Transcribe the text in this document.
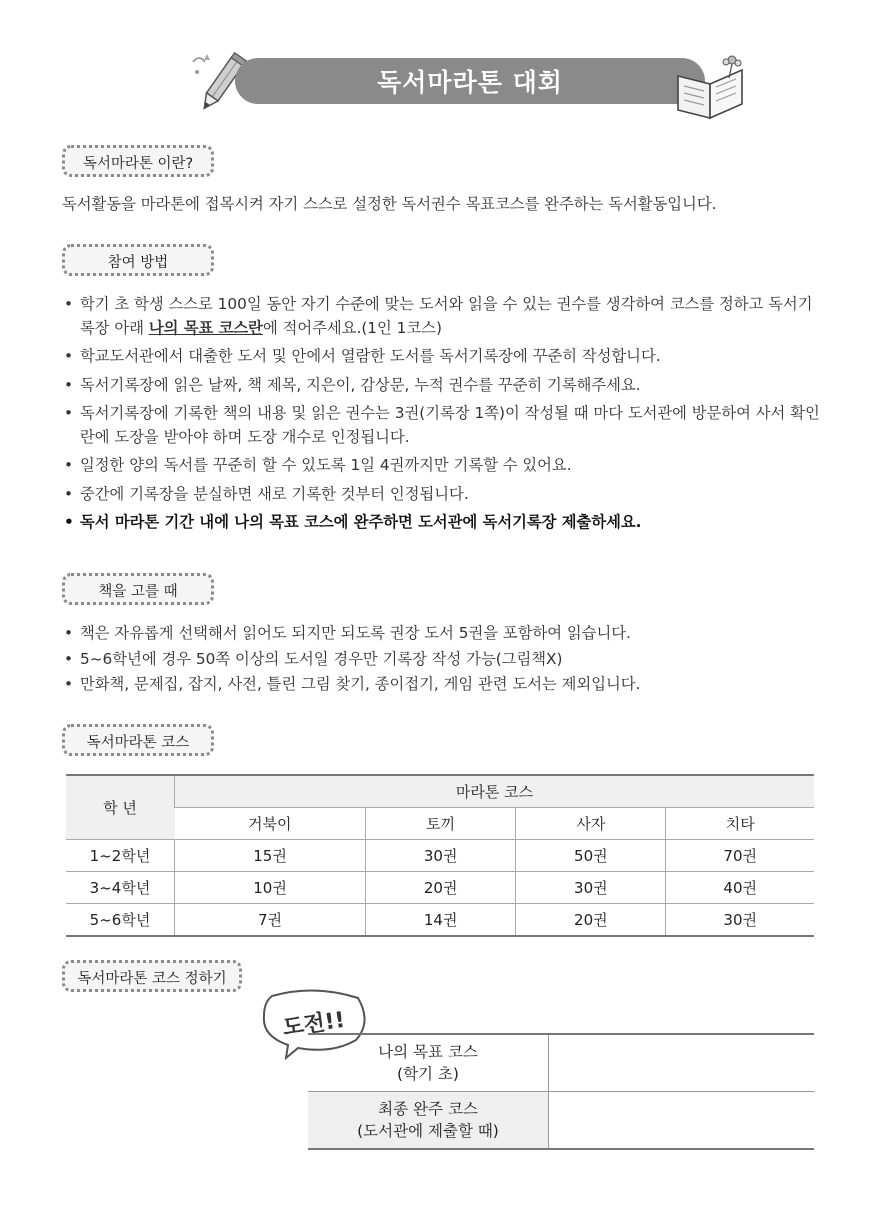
독서마라톤 대회
독서마라톤 이란?
독서활동을 마라톤에 접목시켜 자기 스스로 설정한 독서권수 목표코스를 완주하는 독서활동입니다.
참여 방법
• 학기 초 학생 스스로 100일 동안 자기 수준에 맞는 도서와 읽을 수 있는 권수를 생각하여 코스를 정하고 독서기록장 아래 나의 목표 코스란에 적어주세요.(1인 1코스)
• 학교도서관에서 대출한 도서 및 안에서 열람한 도서를 독서기록장에 꾸준히 작성합니다.
• 독서기록장에 읽은 날짜, 책 제목, 지은이, 감상문, 누적 권수를 꾸준히 기록해주세요.
• 독서기록장에 기록한 책의 내용 및 읽은 권수는 3권(기록장 1쪽)이 작성될 때 마다 도서관에 방문하여 사서 확인란에 도장을 받아야 하며 도장 개수로 인정됩니다.
• 일정한 양의 독서를 꾸준히 할 수 있도록 1일 4권까지만 기록할 수 있어요.
• 중간에 기록장을 분실하면 새로 기록한 것부터 인정됩니다.
• 독서 마라톤 기간 내에 나의 목표 코스에 완주하면 도서관에 독서기록장 제출하세요.
책을 고를 때
• 책은 자유롭게 선택해서 읽어도 되지만 되도록 권장 도서 5권을 포함하여 읽습니다.
• 5~6학년에 경우 50쪽 이상의 도서일 경우만 기록장 작성 가능(그림책X)
• 만화책, 문제집, 잡지, 사전, 틀린 그림 찾기, 종이접기, 게임 관련 도서는 제외입니다.
독서마라톤 코스
학 년	마라톤 코스			
	거북이	토끼	사자	치타
1~2학년	15권	30권	50권	70권
3~4학년	10권	20권	30권	40권
5~6학년	7권	14권	20권	30권
독서마라톤 코스 정하기
도전!!
나의 목표 코스
(학기 초)	

최종 완주 코스
(도서관에 제출할 때)	
